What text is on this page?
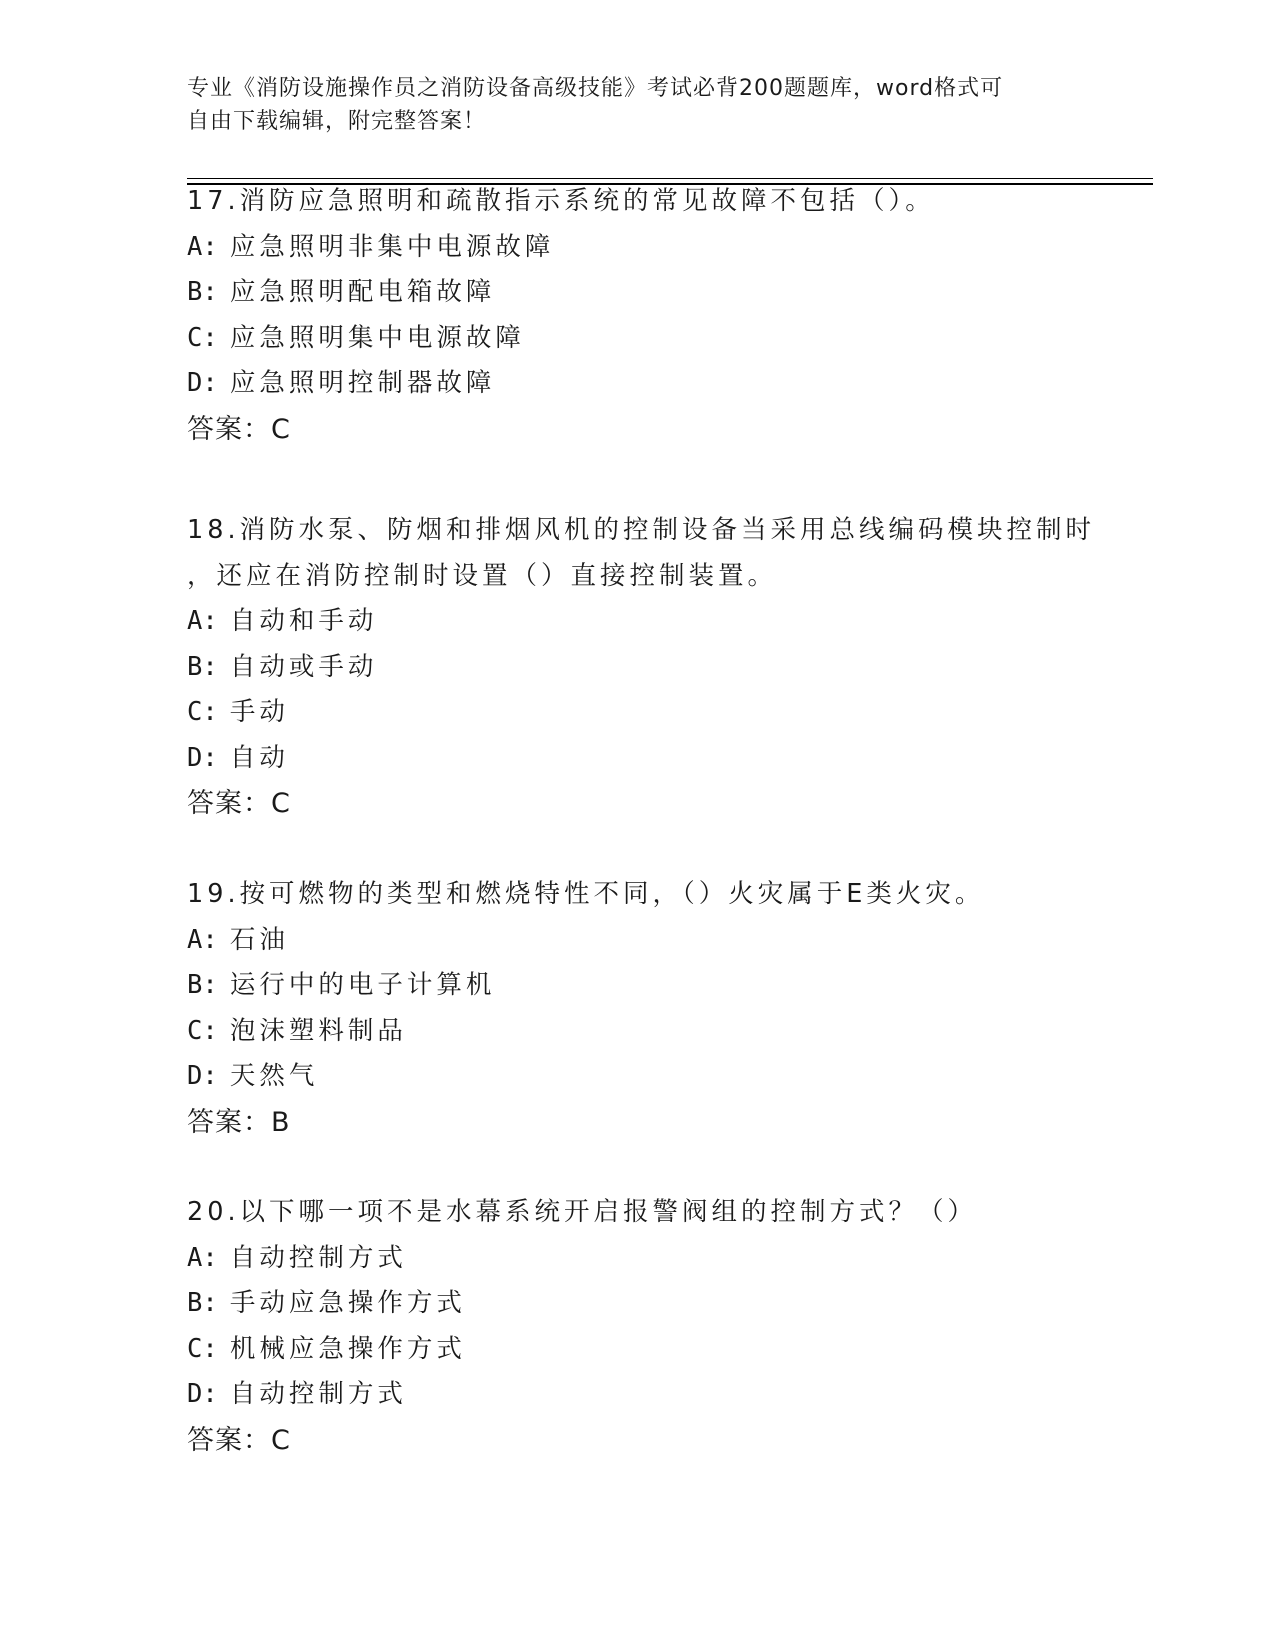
专业《消防设施操作员之消防设备高级技能》考试必背200题题库，word格式可
自由下载编辑，附完整答案！
17.消防应急照明和疏散指示系统的常见故障不包括（）。
A: 应急照明非集中电源故障
B: 应急照明配电箱故障
C: 应急照明集中电源故障
D: 应急照明控制器故障
答案：C
18.消防水泵、防烟和排烟风机的控制设备当采用总线编码模块控制时
，还应在消防控制时设置（）直接控制装置。
A: 自动和手动
B: 自动或手动
C: 手动
D: 自动
答案：C
19.按可燃物的类型和燃烧特性不同，（）火灾属于E类火灾。
A: 石油
B: 运行中的电子计算机
C: 泡沫塑料制品
D: 天然气
答案：B
20.以下哪一项不是水幕系统开启报警阀组的控制方式？（）
A: 自动控制方式
B: 手动应急操作方式
C: 机械应急操作方式
D: 自动控制方式
答案：C
